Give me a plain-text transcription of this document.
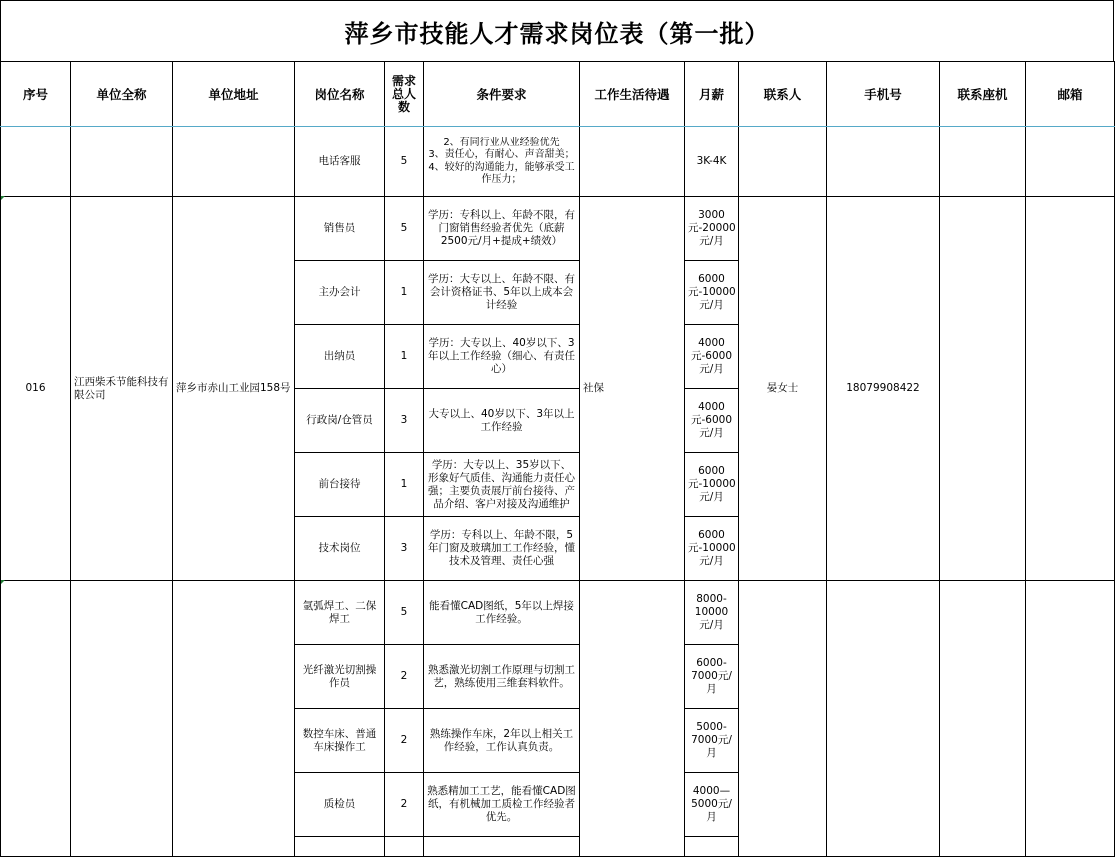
萍乡市技能人才需求岗位表（第一批）
序号	单位全称	单位地址	岗位名称	需求总人数	条件要求	工作生活待遇	月薪	联系人	手机号	联系座机	邮箱
			电话客服	5	2、有同行业从业经验优先
3、责任心，有耐心、声音甜美；
4、较好的沟通能力，能够承受工作压力；		3K-4K				
016	江西柴禾节能科技有限公司	萍乡市赤山工业园158号	销售员	5	学历：专科以上、年龄不限，有门窗销售经验者优先（底薪2500元/月+提成+绩效）	社保	3000元-20000元/月	晏女士	18079908422		
			主办会计	1	学历：大专以上、年龄不限、有会计资格证书、5年以上成本会计经验		6000元-10000元/月				
			出纳员	1	学历：大专以上、40岁以下、3年以上工作经验（细心、有责任心）		4000元-6000元/月				
			行政岗/仓管员	3	大专以上、40岁以下、3年以上工作经验		4000元-6000元/月				
			前台接待	1	学历：大专以上、35岁以下、形象好气质佳、沟通能力责任心强；主要负责展厅前台接待、产品介绍、客户对接及沟通维护		6000元-10000元/月				
			技术岗位	3	学历：专科以上、年龄不限，5年门窗及玻璃加工工作经验，懂技术及管理、责任心强		6000元-10000元/月				
			氩弧焊工、二保焊工	5	能看懂CAD图纸，5年以上焊接工作经验。		8000-10000元/月				
			光纤激光切割操作员	2	熟悉激光切割工作原理与切割工艺，熟练使用三维套料软件。		6000-7000元/月				
			数控车床、普通车床操作工	2	熟练操作车床，2年以上相关工作经验，工作认真负责。		5000-7000元/月				
			质检员	2	熟悉精加工工艺，能看懂CAD图纸，有机械加工质检工作经验者优先。		4000—5000元/月				
